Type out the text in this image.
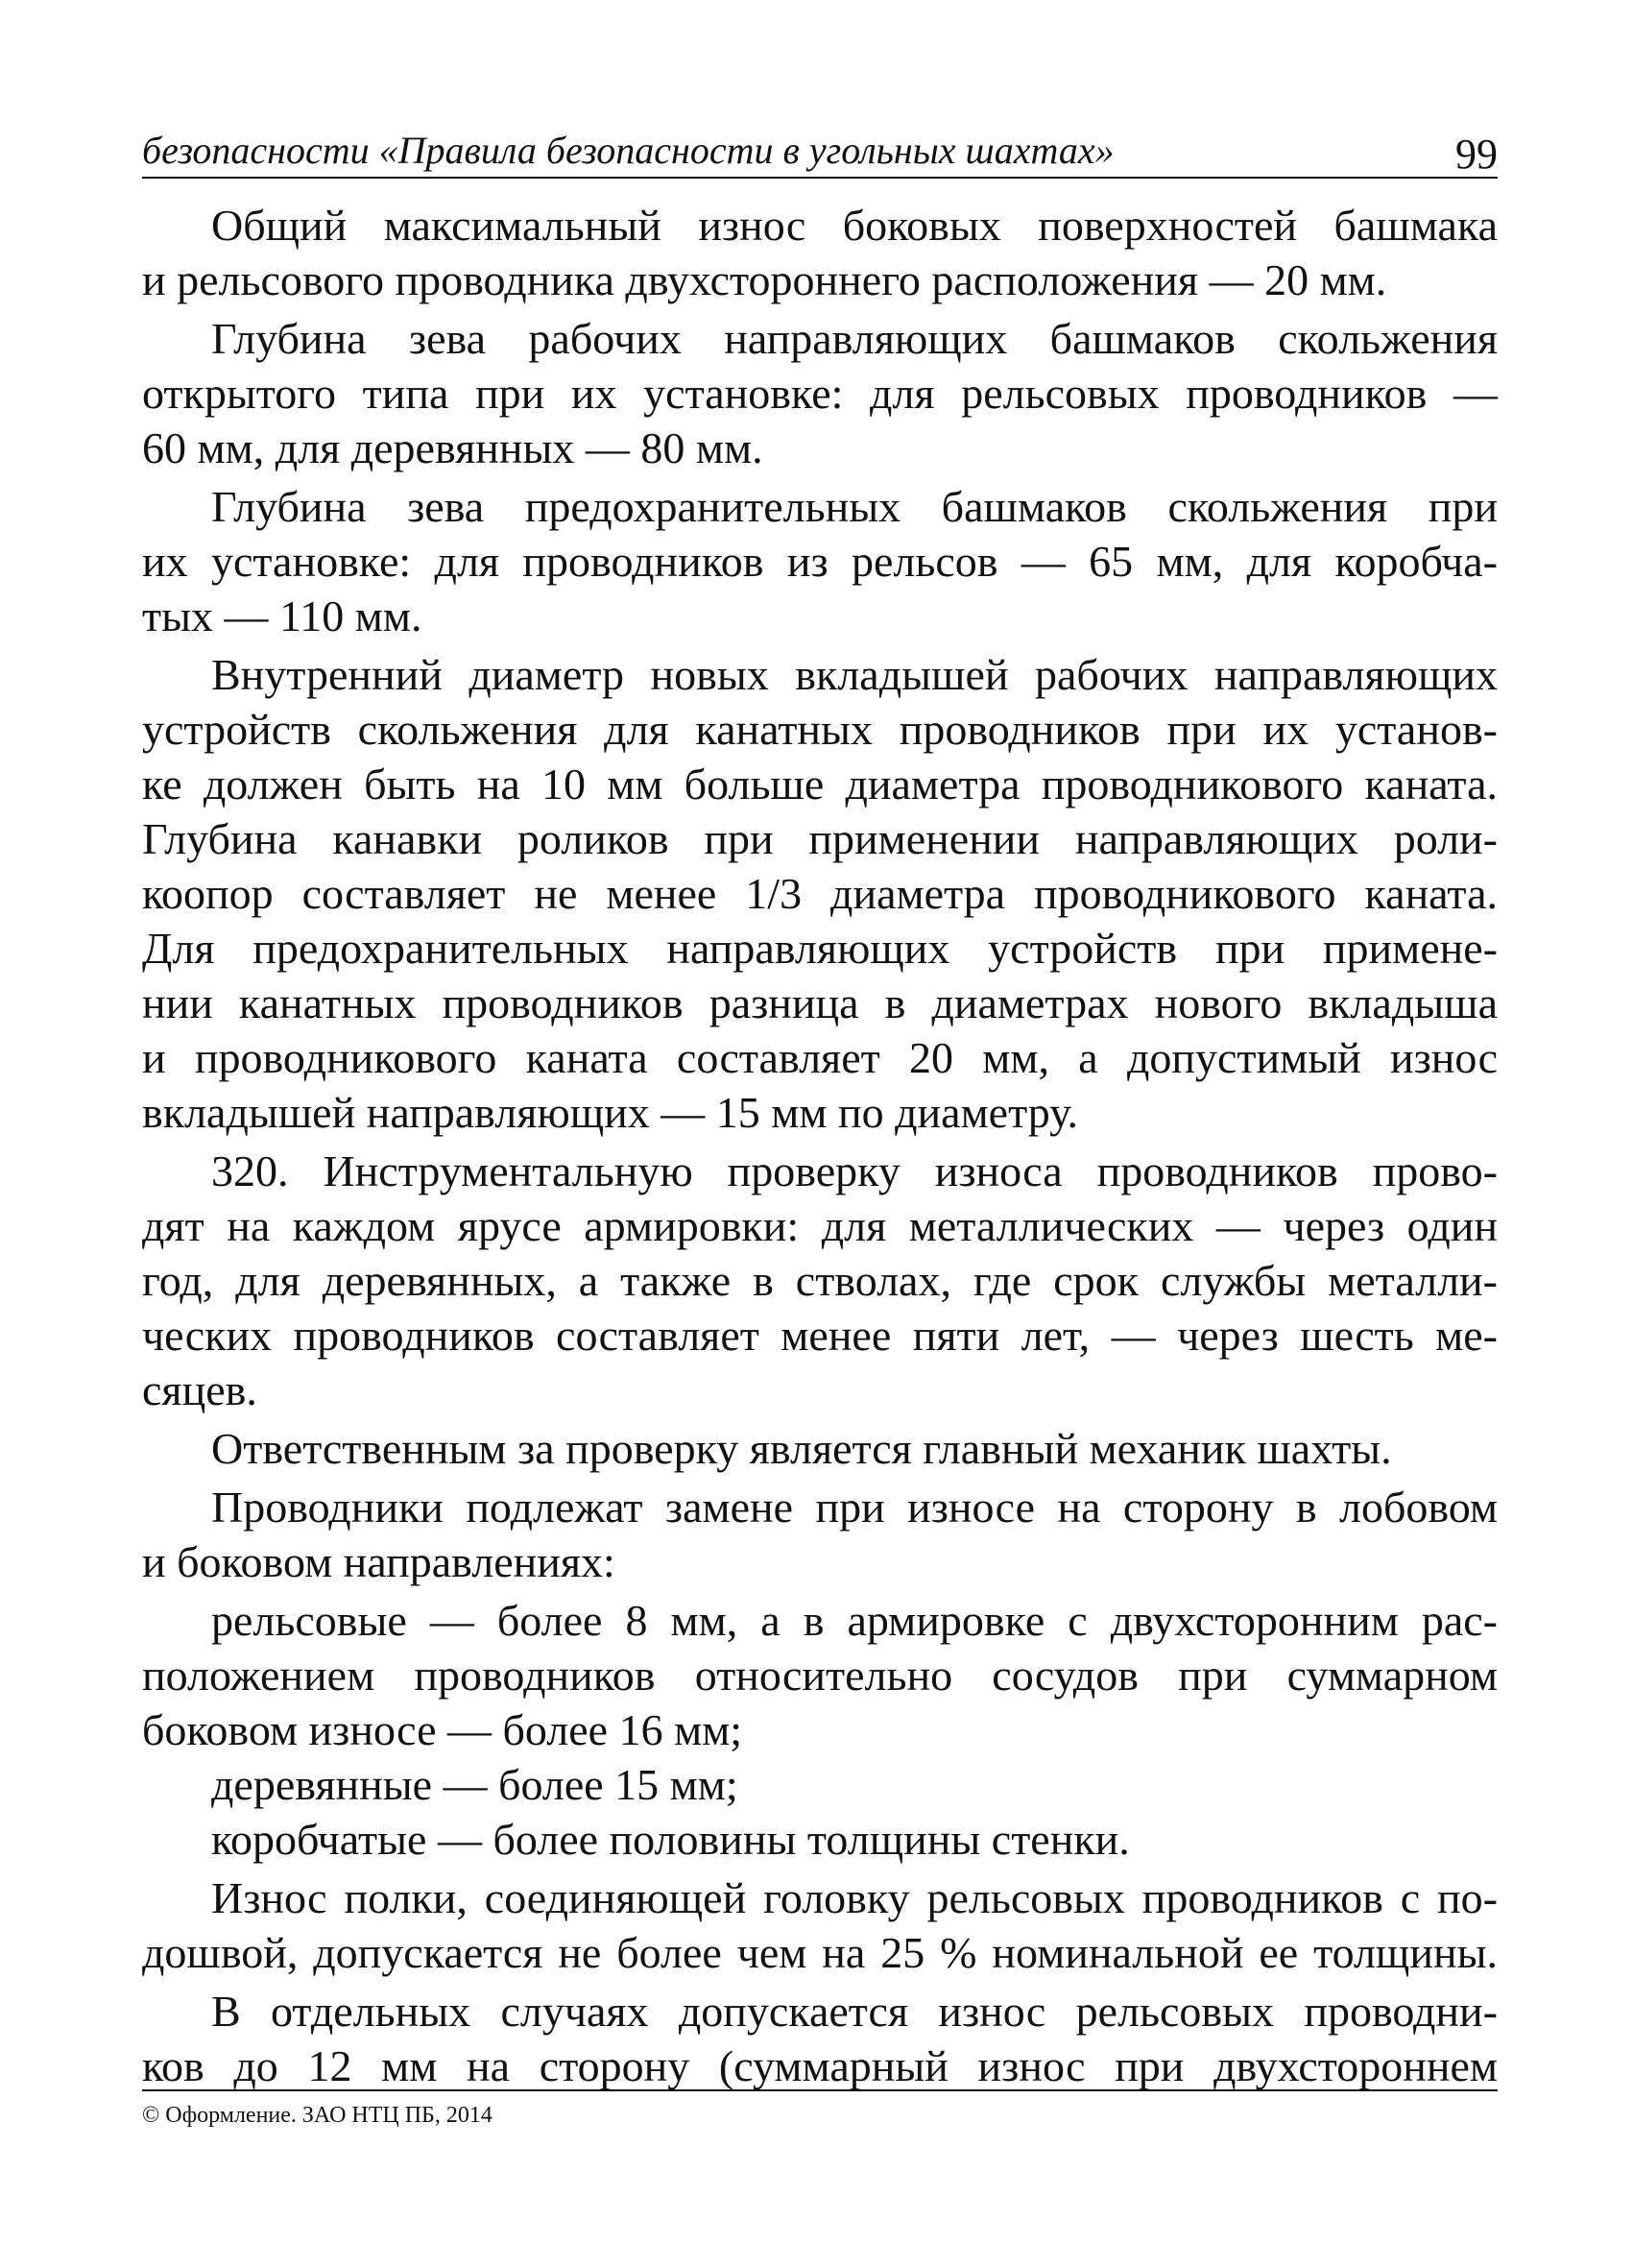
безопасности «Правила безопасности в угольных шахтах»	99
Общий максимальный износ боковых поверхностей башмака
и рельсового проводника двухстороннего расположения — 20 мм.
Глубина зева рабочих направляющих башмаков скольжения
открытого типа при их установке: для рельсовых проводников —
60 мм, для деревянных — 80 мм.
Глубина зева предохранительных башмаков скольжения при
их установке: для проводников из рельсов — 65 мм, для коробча-
тых — 110 мм.
Внутренний диаметр новых вкладышей рабочих направляющих
устройств скольжения для канатных проводников при их установ-
ке должен быть на 10 мм больше диаметра проводникового каната.
Глубина канавки роликов при применении направляющих роли-
коопор составляет не менее 1/3 диаметра проводникового каната.
Для предохранительных направляющих устройств при примене-
нии канатных проводников разница в диаметрах нового вкладыша
и проводникового каната составляет 20 мм, а допустимый износ
вкладышей направляющих — 15 мм по диаметру.
320. Инструментальную проверку износа проводников прово-
дят на каждом ярусе армировки: для металлических — через один
год, для деревянных, а также в стволах, где срок службы металли-
ческих проводников составляет менее пяти лет, — через шесть ме-
сяцев.
Ответственным за проверку является главный механик шахты.
Проводники подлежат замене при износе на сторону в лобовом
и боковом направлениях:
рельсовые — более 8 мм, а в армировке с двухсторонним рас-
положением проводников относительно сосудов при суммарном
боковом износе — более 16 мм;
деревянные — более 15 мм;
коробчатые — более половины толщины стенки.
Износ полки, соединяющей головку рельсовых проводников с по-
дошвой, допускается не более чем на 25 % номинальной ее толщины.
В отдельных случаях допускается износ рельсовых проводни-
ков до 12 мм на сторону (суммарный износ при двухстороннем
© Оформление. ЗАО НТЦ ПБ, 2014
